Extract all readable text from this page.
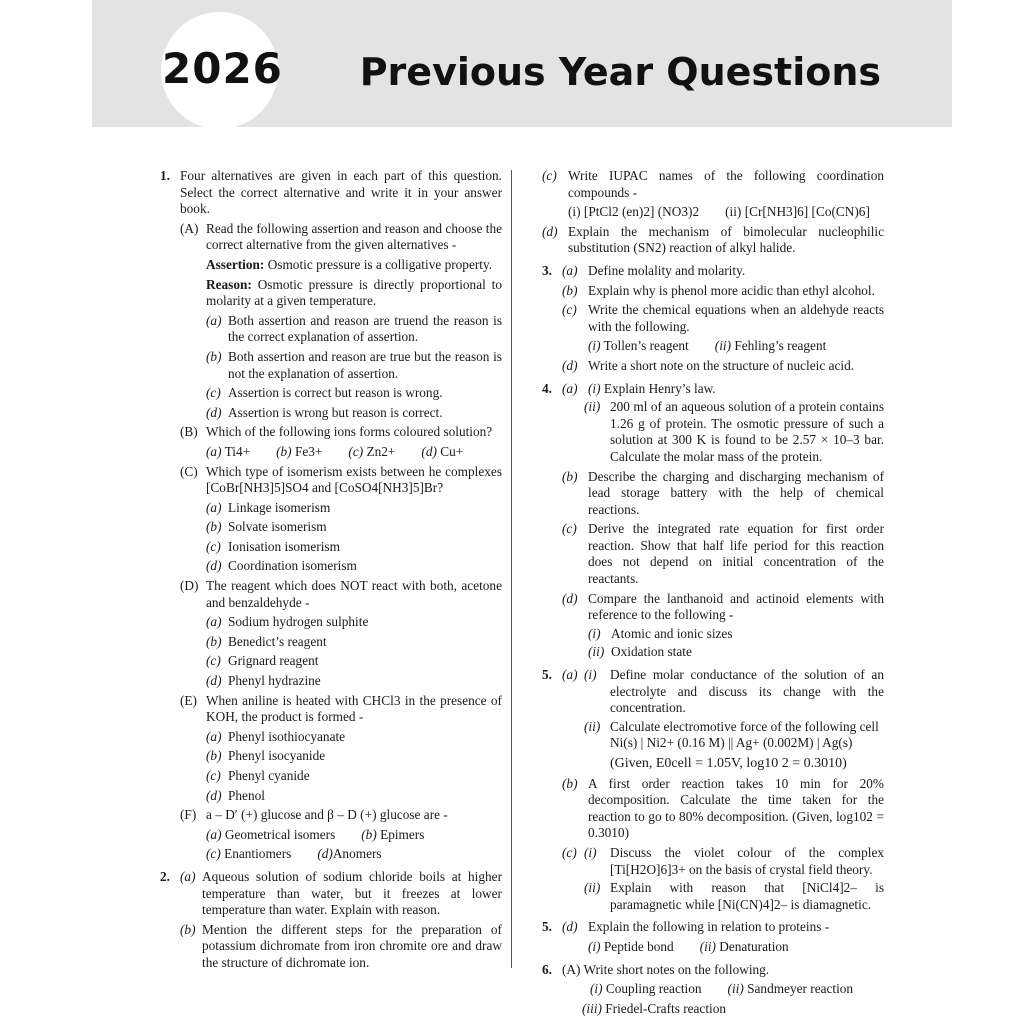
2026 Previous Year Questions
1. Four alternatives are given in each part of this question. Select the correct alternative and write it in your answer book.
(A) Read the following assertion and reason and choose the correct alternative from the given alternatives -
Assertion: Osmotic pressure is a colligative property.
Reason: Osmotic pressure is directly proportional to molarity at a given temperature.
(a) Both assertion and reason are truend the reason is the correct explanation of assertion.
(b) Both assertion and reason are true but the reason is not the explanation of assertion.
(c) Assertion is correct but reason is wrong.
(d) Assertion is wrong but reason is correct.
(B) Which of the following ions forms coloured solution?
(a) Ti4+ (b) Fe3+ (c) Zn2+ (d) Cu+
(C) Which type of isomerism exists between he complexes [CoBr[NH3]5]SO4 and [CoSO4[NH3]5]Br?
(a) Linkage isomerism
(b) Solvate isomerism
(c) Ionisation isomerism
(d) Coordination isomerism
(D) The reagent which does NOT react with both, acetone and benzaldehyde -
(a) Sodium hydrogen sulphite
(b) Benedict’s reagent
(c) Grignard reagent
(d) Phenyl hydrazine
(E) When aniline is heated with CHCl3 in the presence of KOH, the product is formed -
(a) Phenyl isothiocyanate
(b) Phenyl isocyanide
(c) Phenyl cyanide
(d) Phenol
(F) a – D′ (+) glucose and β – D (+) glucose are -
(a) Geometrical isomers (b) Epimers
(c) Enantiomers (d)Anomers
2. (a) Aqueous solution of sodium chloride boils at higher temperature than water, but it freezes at lower temperature than water. Explain with reason.
(b) Mention the different steps for the preparation of potassium dichromate from iron chromite ore and draw the structure of dichromate ion.
(c) Write IUPAC names of the following coordination compounds -
(i) [PtCl2 (en)2] (NO3)2 (ii) [Cr[NH3]6] [Co(CN)6]
(d) Explain the mechanism of bimolecular nucleophilic substitution (SN2) reaction of alkyl halide.
3. (a) Define molality and molarity.
(b) Explain why is phenol more acidic than ethyl alcohol.
(c) Write the chemical equations when an aldehyde reacts with the following.
(i) Tollen’s reagent (ii) Fehling’s reagent
(d) Write a short note on the structure of nucleic acid.
4. (a) (i) Explain Henry’s law.
(ii) 200 ml of an aqueous solution of a protein contains 1.26 g of protein. The osmotic pressure of such a solution at 300 K is found to be 2.57 × 10–3 bar. Calculate the molar mass of the protein.
(b) Describe the charging and discharging mechanism of lead storage battery with the help of chemical reactions.
(c) Derive the integrated rate equation for first order reaction. Show that half life period for this reaction does not depend on initial concentration of the reactants.
(d) Compare the lanthanoid and actinoid elements with reference to the following -
(i) Atomic and ionic sizes
(ii) Oxidation state
5. (a) (i) Define molar conductance of the solution of an electrolyte and discuss its change with the concentration.
(ii) Calculate electromotive force of the following cell
Ni(s) | Ni2+ (0.16 M) || Ag+ (0.002M) | Ag(s)
(Given, E0cell = 1.05V, log10 2 = 0.3010)
(b) A first order reaction takes 10 min for 20% decomposition. Calculate the time taken for the reaction to go to 80% decomposition. (Given, log102 = 0.3010)
(c) (i) Discuss the violet colour of the complex [Ti[H2O]6]3+ on the basis of crystal field theory.
(ii) Explain with reason that [NiCl4]2– is paramagnetic while [Ni(CN)4]2– is diamagnetic.
5. (d) Explain the following in relation to proteins -
(i) Peptide bond (ii) Denaturation
6. (A) Write short notes on the following.
(i) Coupling reaction (ii) Sandmeyer reaction
(iii) Friedel-Crafts reaction
